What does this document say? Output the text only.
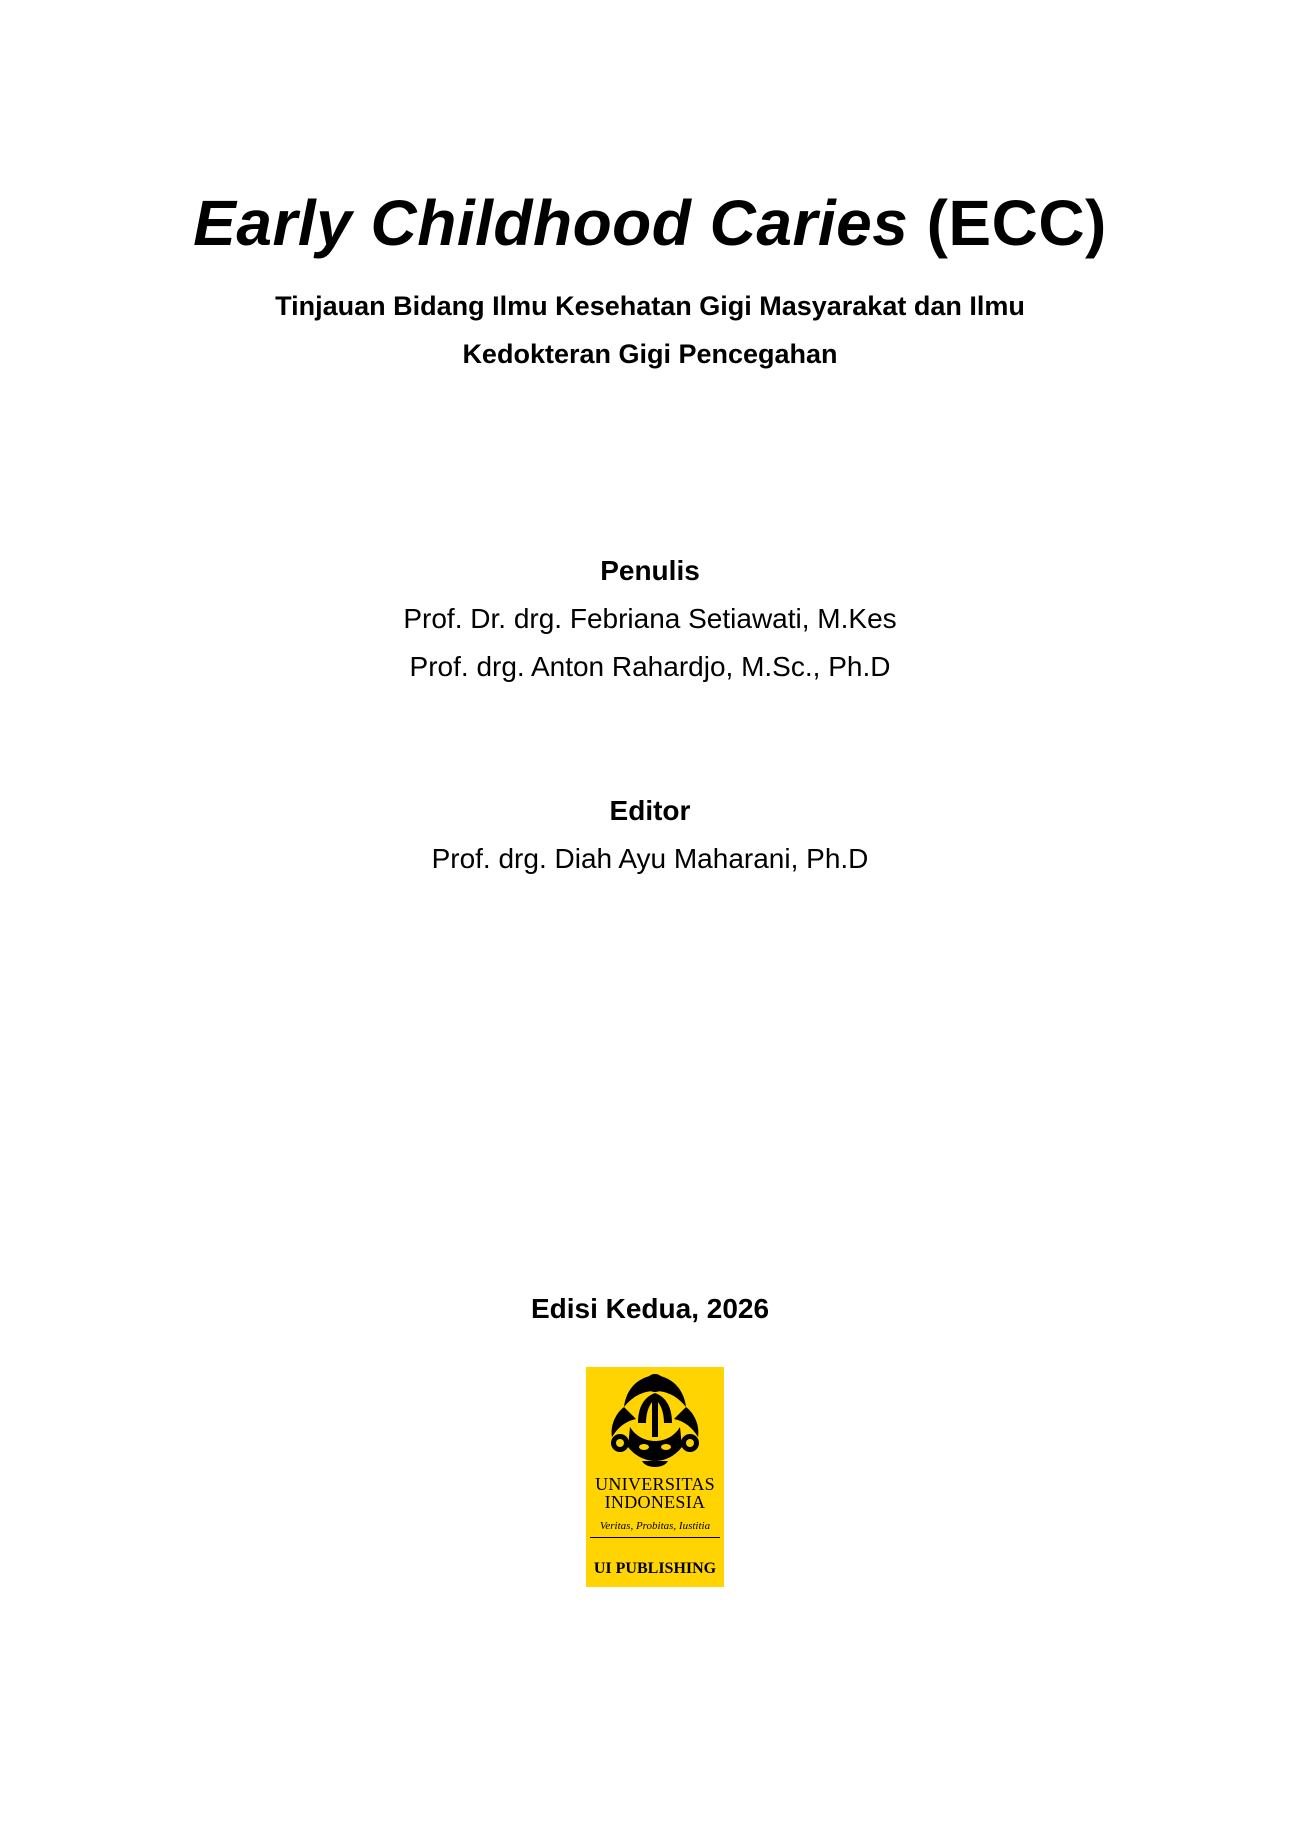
Early Childhood Caries (ECC)
Tinjauan Bidang Ilmu Kesehatan Gigi Masyarakat dan Ilmu
Kedokteran Gigi Pencegahan
Penulis
Prof. Dr. drg. Febriana Setiawati, M.Kes
Prof. drg. Anton Rahardjo, M.Sc., Ph.D
Editor
Prof. drg. Diah Ayu Maharani, Ph.D
Edisi Kedua, 2026
UNIVERSITAS
INDONESIA
Veritas, Probitas, Iustitia
UI PUBLISHING
